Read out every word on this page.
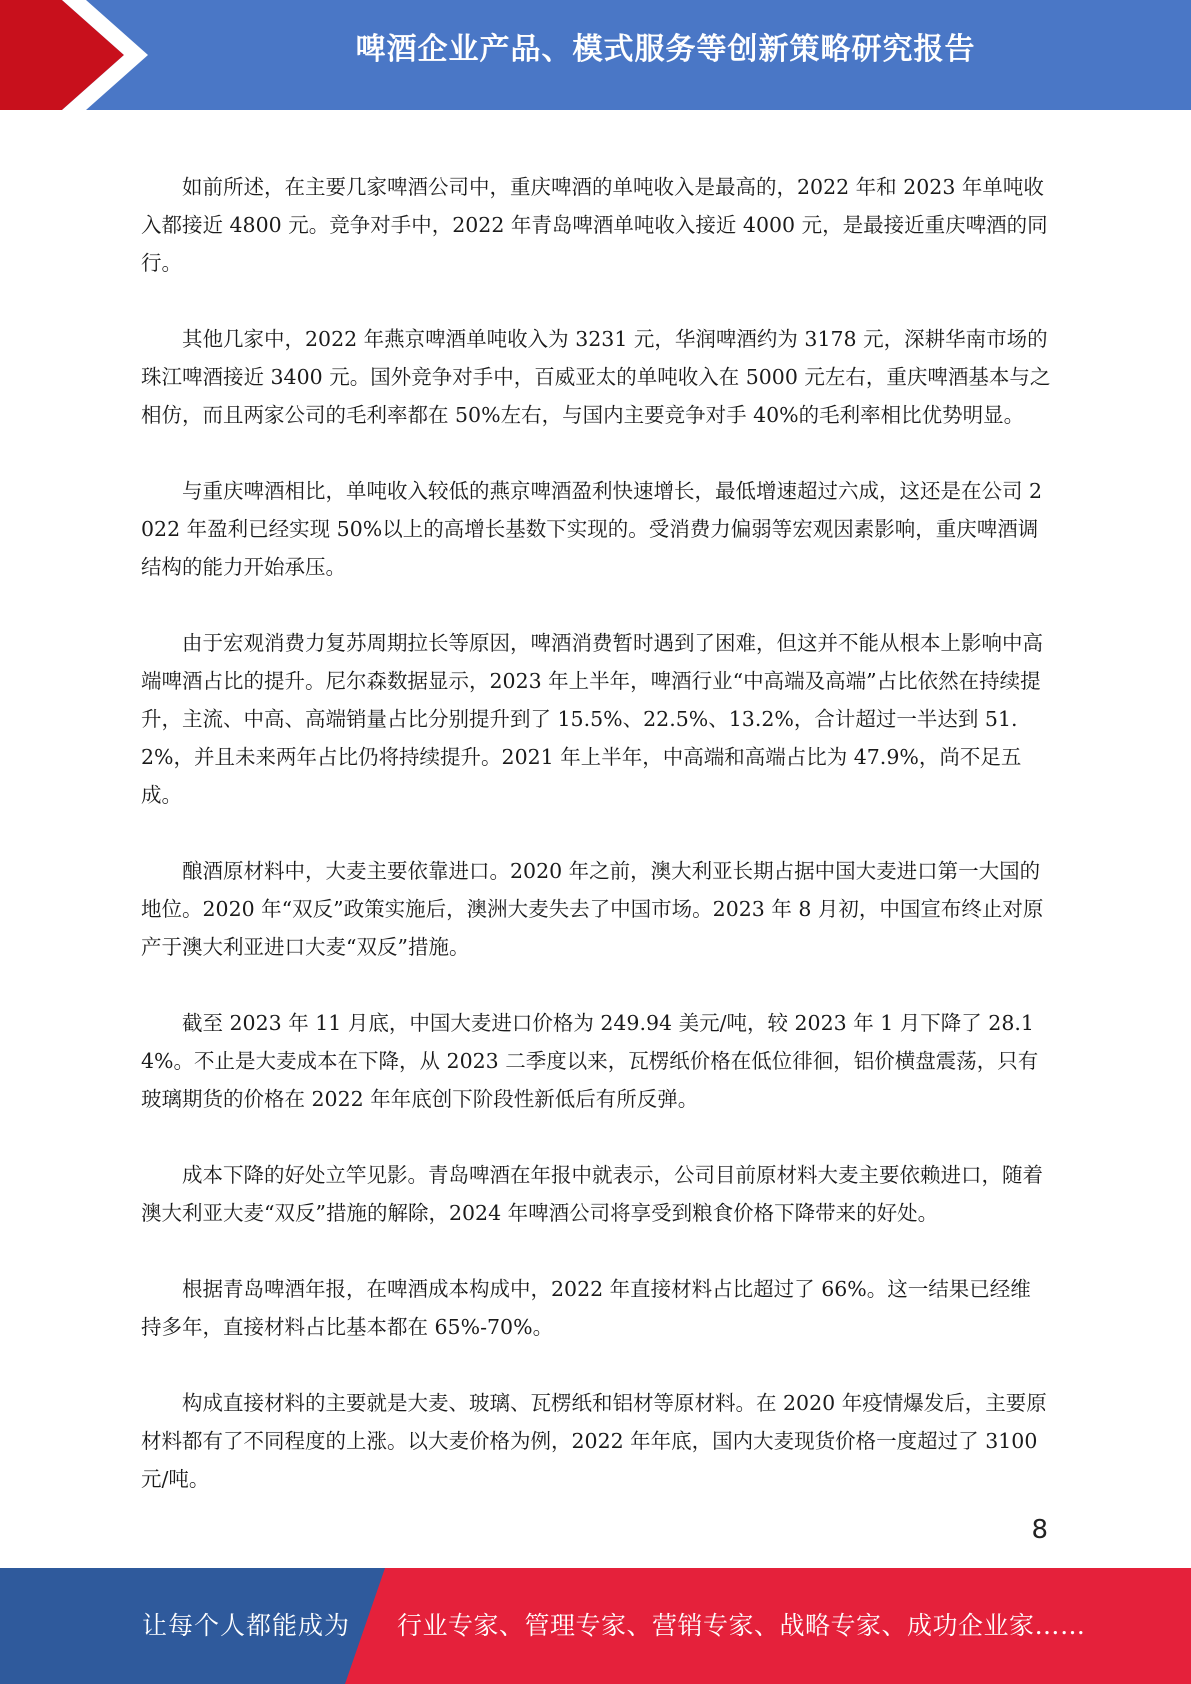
啤酒企业产品、模式服务等创新策略研究报告

如前所述，在主要几家啤酒公司中，重庆啤酒的单吨收入是最高的，2022 年和 2023 年单吨收入都接近 4800 元。竞争对手中，2022 年青岛啤酒单吨收入接近 4000 元，是最接近重庆啤酒的同行。

其他几家中，2022 年燕京啤酒单吨收入为 3231 元，华润啤酒约为 3178 元，深耕华南市场的珠江啤酒接近 3400 元。国外竞争对手中，百威亚太的单吨收入在 5000 元左右，重庆啤酒基本与之相仿，而且两家公司的毛利率都在 50%左右，与国内主要竞争对手 40%的毛利率相比优势明显。

与重庆啤酒相比，单吨收入较低的燕京啤酒盈利快速增长，最低增速超过六成，这还是在公司 2022 年盈利已经实现 50%以上的高增长基数下实现的。受消费力偏弱等宏观因素影响，重庆啤酒调结构的能力开始承压。

由于宏观消费力复苏周期拉长等原因，啤酒消费暂时遇到了困难，但这并不能从根本上影响中高端啤酒占比的提升。尼尔森数据显示，2023 年上半年，啤酒行业“中高端及高端”占比依然在持续提升，主流、中高、高端销量占比分别提升到了 15.5%、22.5%、13.2%，合计超过一半达到 51.2%，并且未来两年占比仍将持续提升。2021 年上半年，中高端和高端占比为 47.9%，尚不足五成。

酿酒原材料中，大麦主要依靠进口。2020 年之前，澳大利亚长期占据中国大麦进口第一大国的地位。2020 年“双反”政策实施后，澳洲大麦失去了中国市场。2023 年 8 月初，中国宣布终止对原产于澳大利亚进口大麦“双反”措施。

截至 2023 年 11 月底，中国大麦进口价格为 249.94 美元/吨，较 2023 年 1 月下降了 28.14%。不止是大麦成本在下降，从 2023 二季度以来，瓦楞纸价格在低位徘徊，铝价横盘震荡，只有玻璃期货的价格在 2022 年年底创下阶段性新低后有所反弹。

成本下降的好处立竿见影。青岛啤酒在年报中就表示，公司目前原材料大麦主要依赖进口，随着澳大利亚大麦“双反”措施的解除，2024 年啤酒公司将享受到粮食价格下降带来的好处。

根据青岛啤酒年报，在啤酒成本构成中，2022 年直接材料占比超过了 66%。这一结果已经维持多年，直接材料占比基本都在 65%-70%。

构成直接材料的主要就是大麦、玻璃、瓦楞纸和铝材等原材料。在 2020 年疫情爆发后，主要原材料都有了不同程度的上涨。以大麦价格为例，2022 年年底，国内大麦现货价格一度超过了 3100 元/吨。

8
让每个人都能成为 行业专家、管理专家、营销专家、战略专家、成功企业家……
